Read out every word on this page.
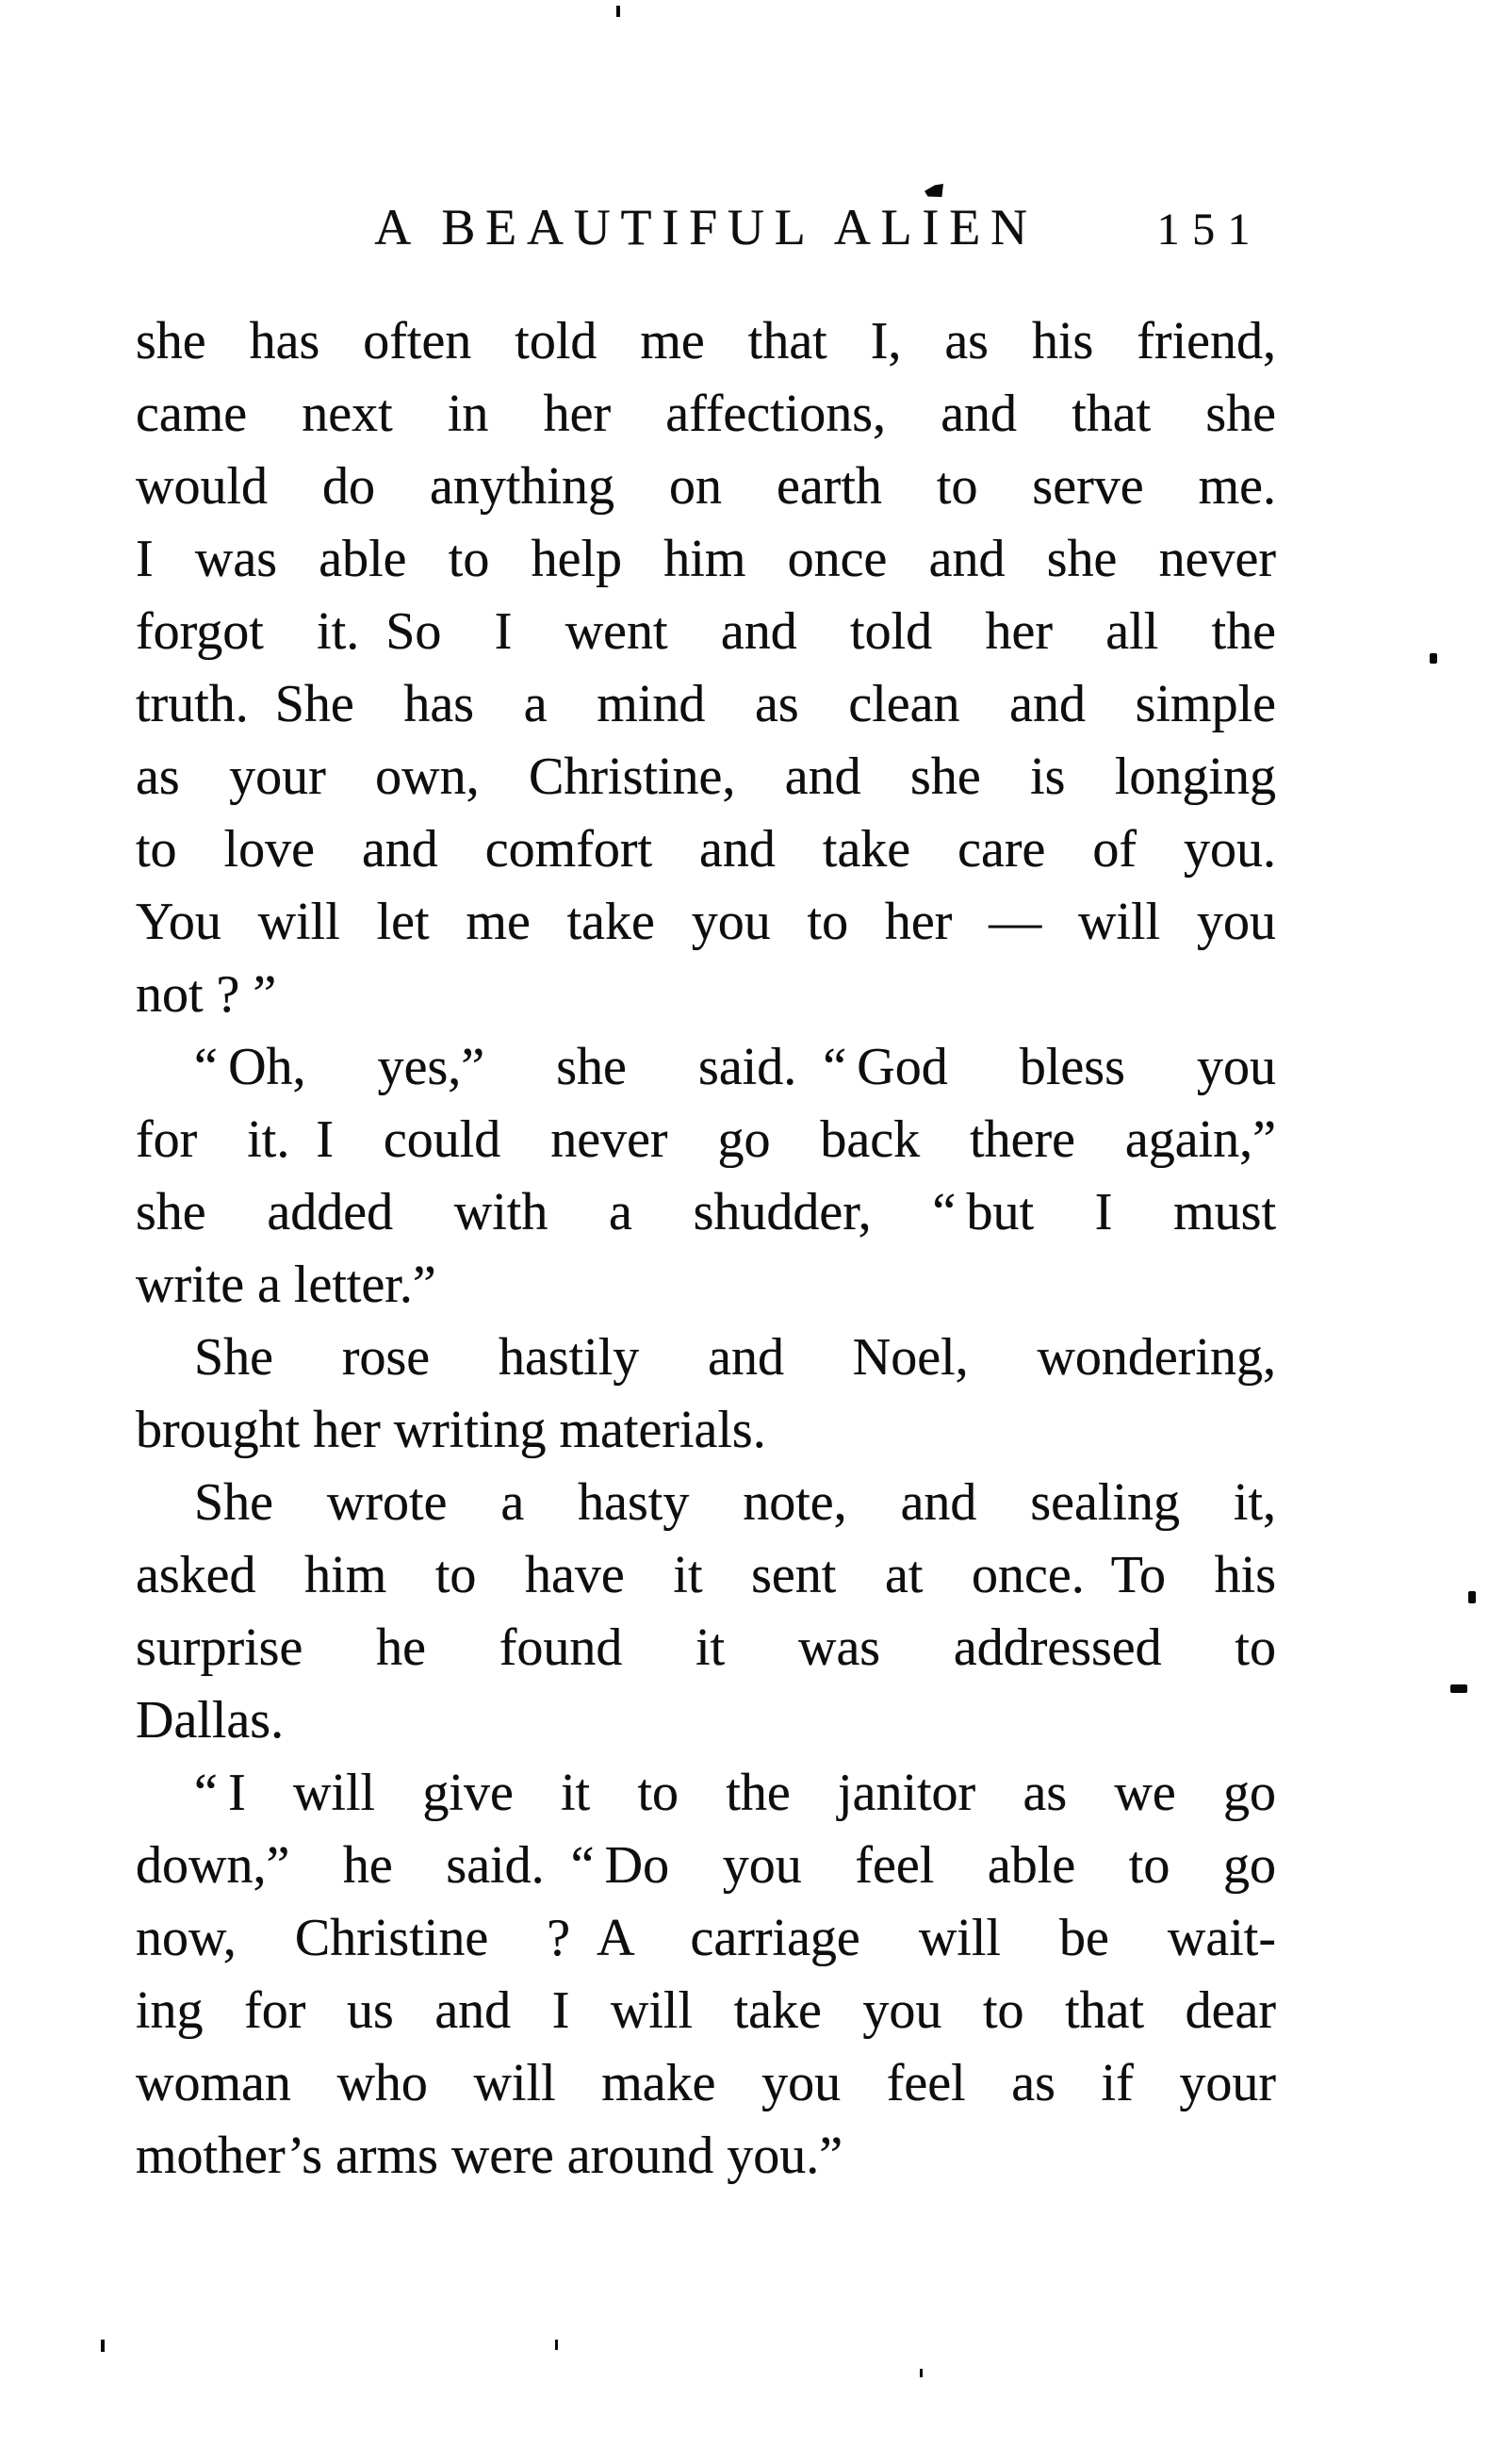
A BEAUTIFUL ALIEN	151
she has often told me that I, as his friend,
came next in her affections, and that she
would do anything on earth to serve me.
I was able to help him once and she never
forgot it. So I went and told her all the
truth. She has a mind as clean and simple
as your own, Christine, and she is longing
to love and comfort and take care of you.
You will let me take you to her — will you
not ? ”
“ Oh, yes,” she said. “ God bless you
for it. I could never go back there again,”
she added with a shudder, “ but I must
write a letter.”
She rose hastily and Noel, wondering,
brought her writing materials.
She wrote a hasty note, and sealing it,
asked him to have it sent at once. To his
surprise he found it was addressed to
Dallas.
“ I will give it to the janitor as we go
down,” he said. “ Do you feel able to go
now, Christine ? A carriage will be wait-
ing for us and I will take you to that dear
woman who will make you feel as if your
mother’s arms were around you.”
